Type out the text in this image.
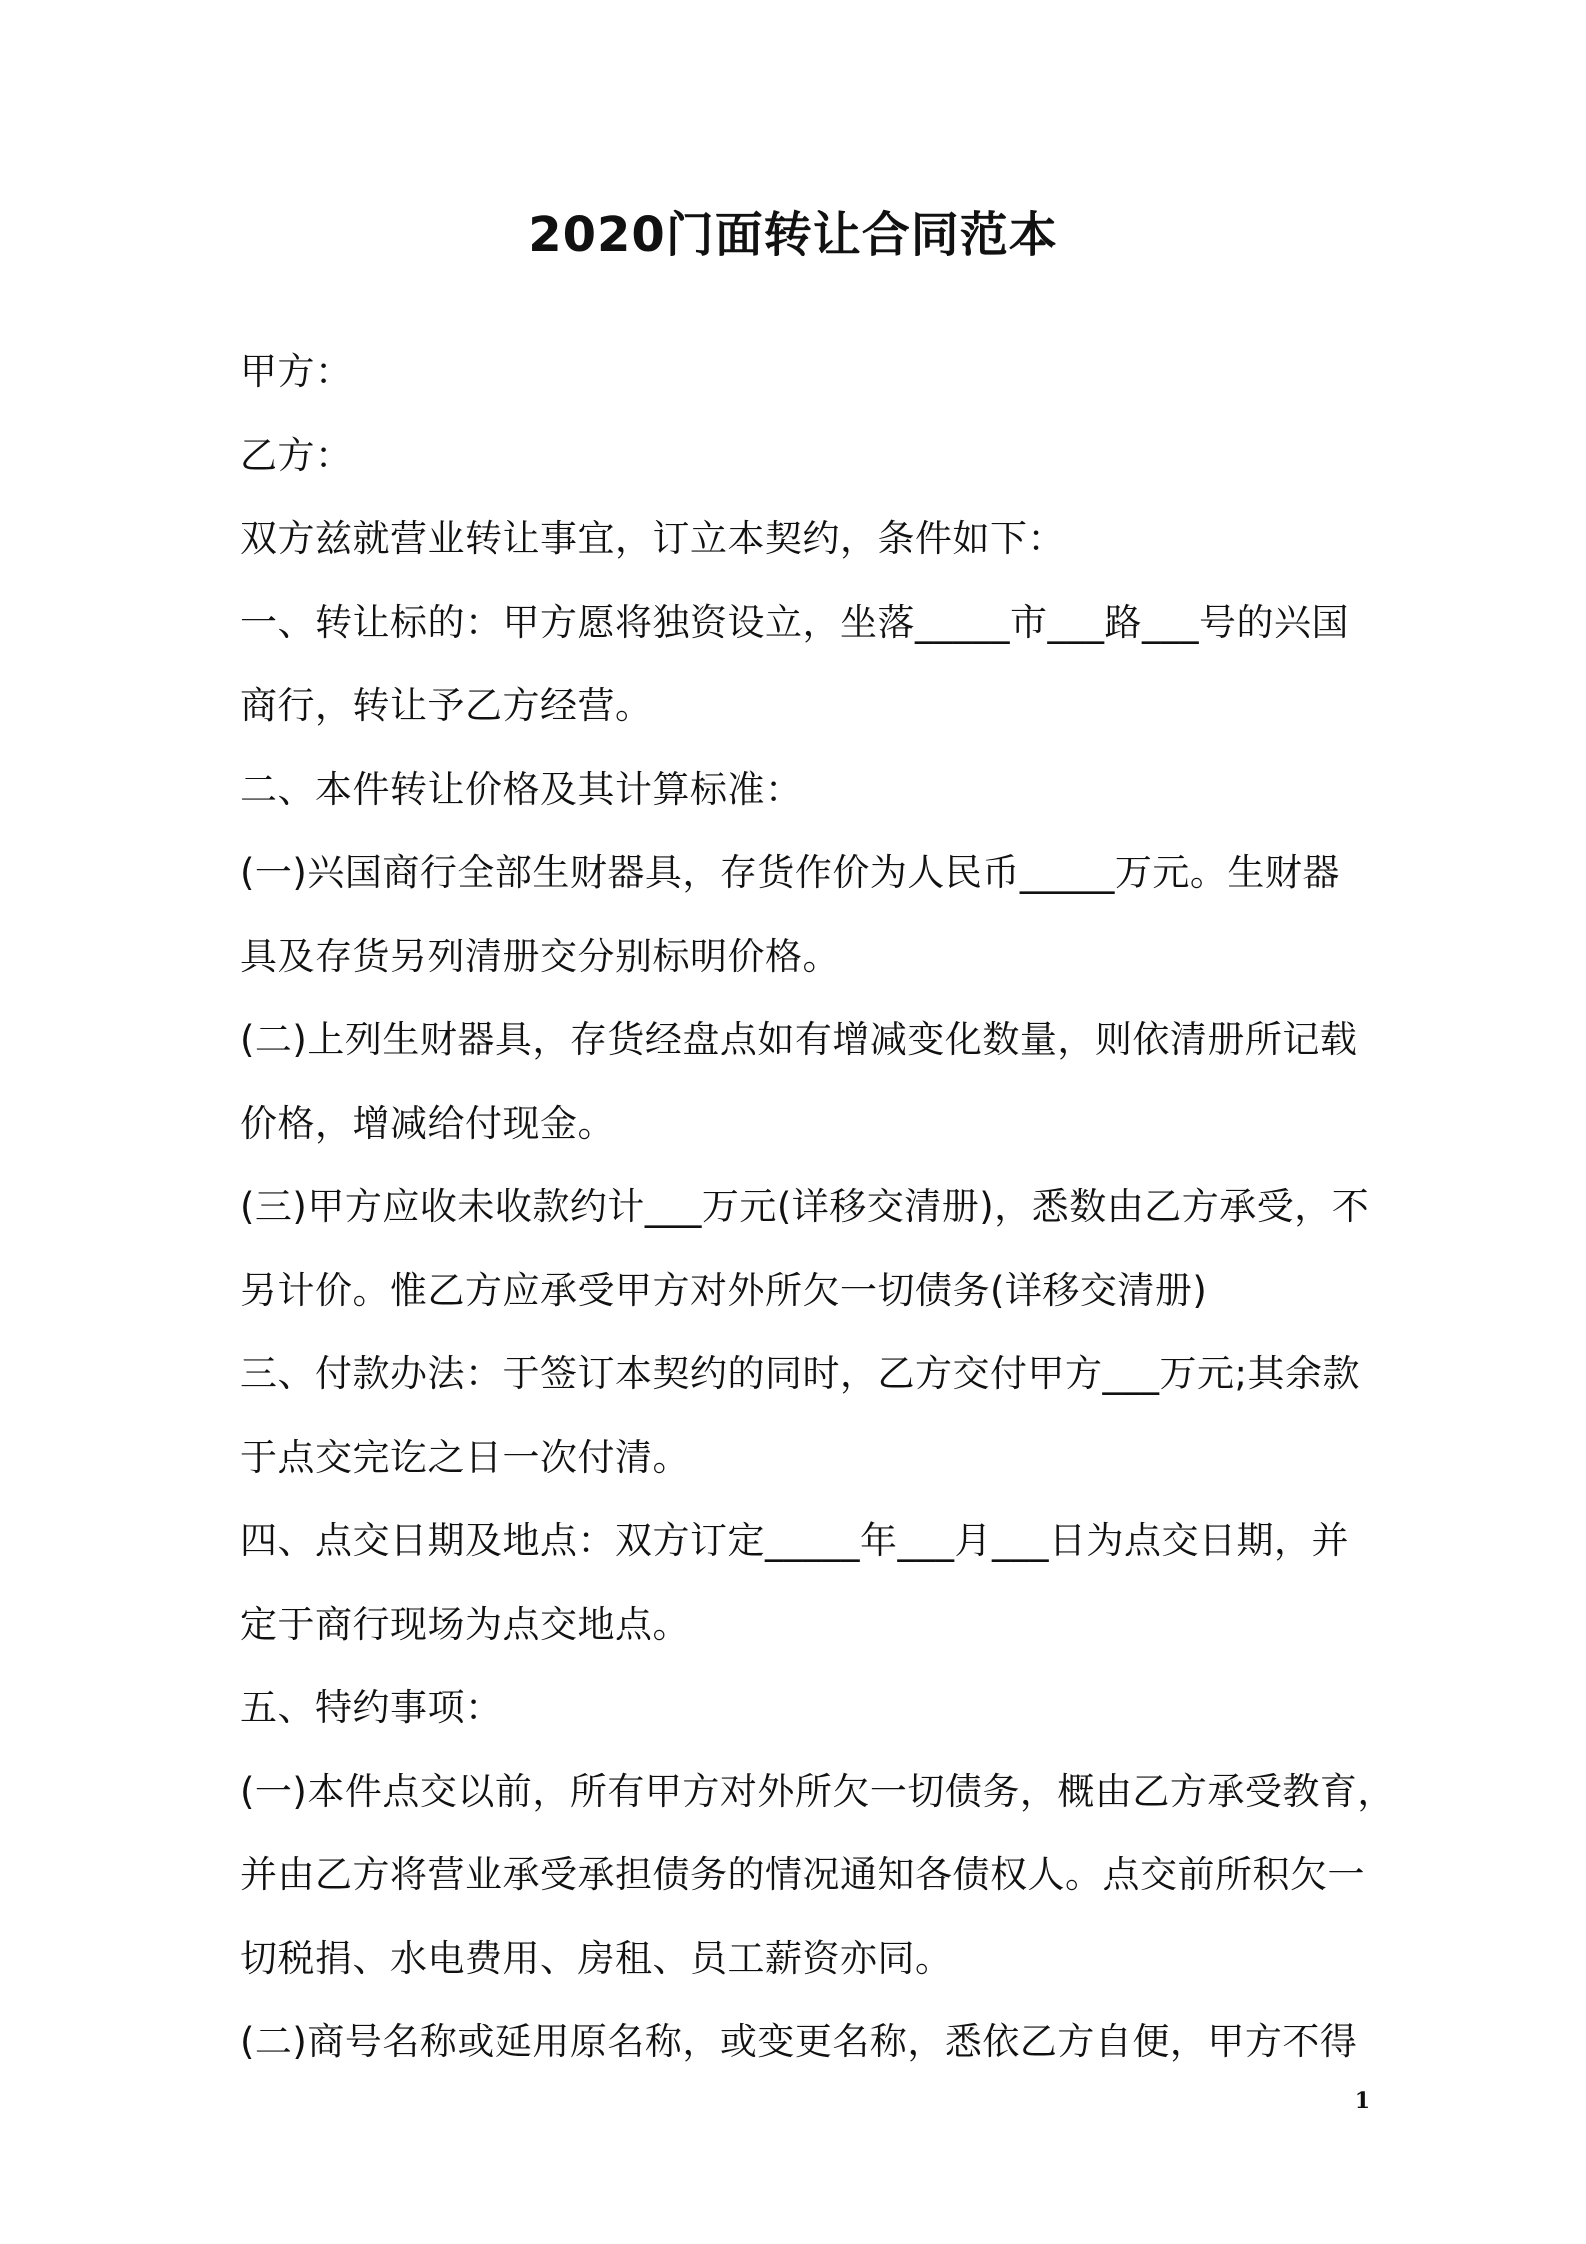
2020门面转让合同范本
甲方：
乙方：
双方兹就营业转让事宜，订立本契约，条件如下：
一、转让标的：甲方愿将独资设立，坐落_____市___路___号的兴国
商行，转让予乙方经营。
二、本件转让价格及其计算标准：
(一)兴国商行全部生财器具，存货作价为人民币_____万元。生财器
具及存货另列清册交分别标明价格。
(二)上列生财器具，存货经盘点如有增减变化数量，则依清册所记载
价格，增减给付现金。
(三)甲方应收未收款约计___万元(详移交清册)，悉数由乙方承受，不
另计价。惟乙方应承受甲方对外所欠一切债务(详移交清册)
三、付款办法：于签订本契约的同时，乙方交付甲方___万元;其余款
于点交完讫之日一次付清。
四、点交日期及地点：双方订定_____年___月___日为点交日期，并
定于商行现场为点交地点。
五、特约事项：
(一)本件点交以前，所有甲方对外所欠一切债务，概由乙方承受教育，
并由乙方将营业承受承担债务的情况通知各债权人。点交前所积欠一
切税捐、水电费用、房租、员工薪资亦同。
(二)商号名称或延用原名称，或变更名称，悉依乙方自便，甲方不得
1
